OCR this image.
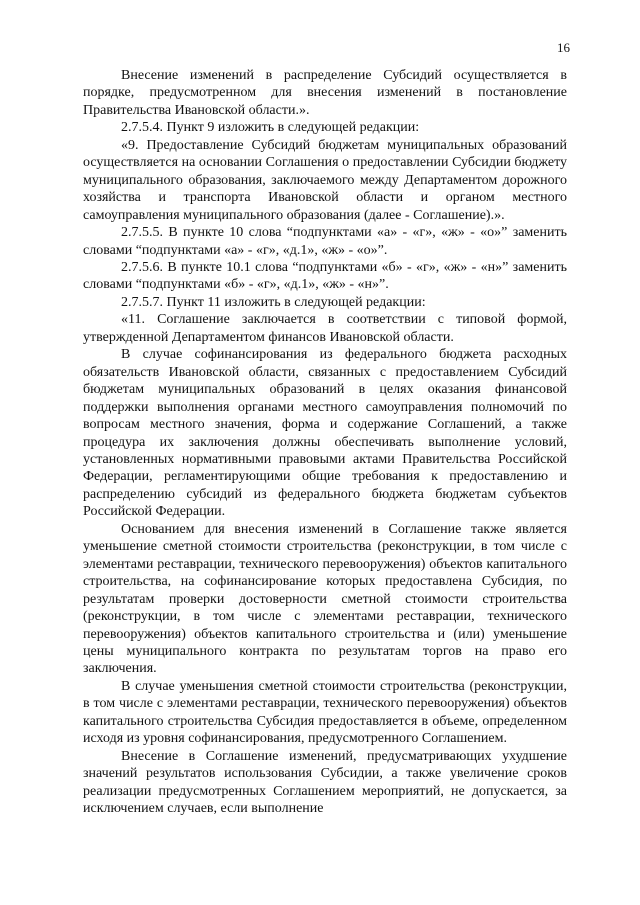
16

Внесение изменений в распределение Субсидий осуществляется в порядке, предусмотренном для внесения изменений в постановление Правительства Ивановской области.».

2.7.5.4. Пункт 9 изложить в следующей редакции:

«9. Предоставление Субсидий бюджетам муниципальных образований осуществляется на основании Соглашения о предоставлении Субсидии бюджету муниципального образования, заключаемого между Департаментом дорожного хозяйства и транспорта Ивановской области и органом местного самоуправления муниципального образования (далее - Соглашение).».

2.7.5.5. В пункте 10 слова “подпунктами «а» - «г», «ж» - «о»” заменить словами “подпунктами «а» - «г», «д.1», «ж» - «о»”.

2.7.5.6. В пункте 10.1 слова “подпунктами «б» - «г», «ж» - «н»” заменить словами “подпунктами «б» - «г», «д.1», «ж» - «н»”.

2.7.5.7. Пункт 11 изложить в следующей редакции:

«11. Соглашение заключается в соответствии с типовой формой, утвержденной Департаментом финансов Ивановской области.

В случае софинансирования из федерального бюджета расходных обязательств Ивановской области, связанных с предоставлением Субсидий бюджетам муниципальных образований в целях оказания финансовой поддержки выполнения органами местного самоуправления полномочий по вопросам местного значения, форма и содержание Соглашений, а также процедура их заключения должны обеспечивать выполнение условий, установленных нормативными правовыми актами Правительства Российской Федерации, регламентирующими общие требования к предоставлению и распределению субсидий из федерального бюджета бюджетам субъектов Российской Федерации.

Основанием для внесения изменений в Соглашение также является уменьшение сметной стоимости строительства (реконструкции, в том числе с элементами реставрации, технического перевооружения) объектов капитального строительства, на софинансирование которых предоставлена Субсидия, по результатам проверки достоверности сметной стоимости строительства (реконструкции, в том числе с элементами реставрации, технического перевооружения) объектов капитального строительства и (или) уменьшение цены муниципального контракта по результатам торгов на право его заключения.

В случае уменьшения сметной стоимости строительства (реконструкции, в том числе с элементами реставрации, технического перевооружения) объектов капитального строительства Субсидия предоставляется в объеме, определенном исходя из уровня софинансирования, предусмотренного Соглашением.

Внесение в Соглашение изменений, предусматривающих ухудшение значений результатов использования Субсидии, а также увеличение сроков реализации предусмотренных Соглашением мероприятий, не допускается, за исключением случаев, если выполнение
